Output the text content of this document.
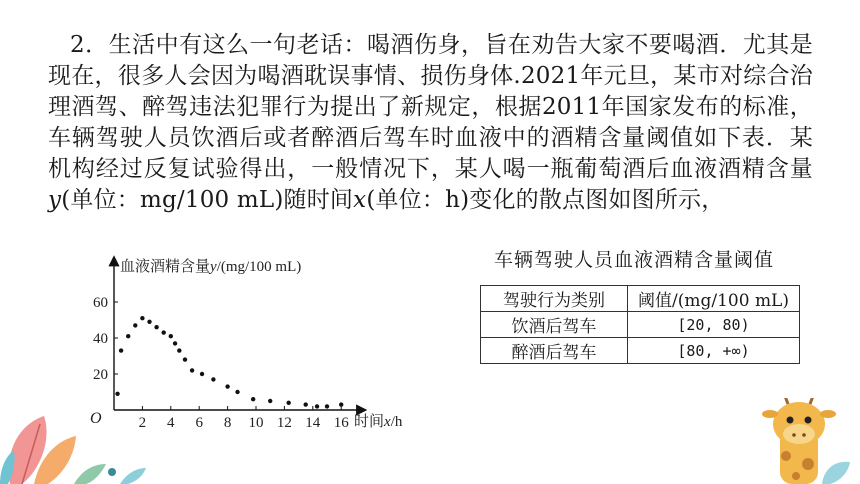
2．生活中有这么一句老话：喝酒伤身，旨在劝告大家不要喝酒．尤其是现在，很多人会因为喝酒耽误事情、损伤身体.2021年元旦，某市对综合治理酒驾、醉驾违法犯罪行为提出了新规定，根据2011年国家发布的标准，车辆驾驶人员饮酒后或者醉酒后驾车时血液中的酒精含量阈值如下表．某机构经过反复试验得出，一般情况下，某人喝一瓶葡萄酒后血液酒精含量y(单位：mg/100 mL)随时间x(单位：h)变化的散点图如图所示，

2 4 6 8 10 12 14 16
20
40
60
血液酒精含量y/(mg/100 mL)
时间x/h
O
车辆驾驶人员血液酒精含量阈值
驾驶行为类别	阈值/(mg/100 mL)
饮酒后驾车	[20, 80)
醉酒后驾车	[80, +∞)
